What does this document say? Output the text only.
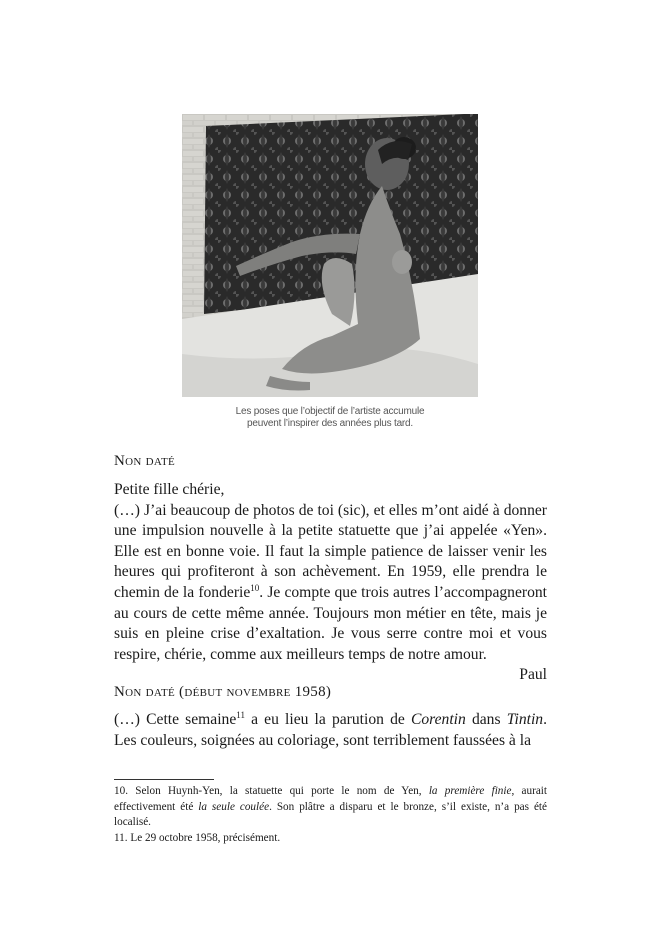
Les poses que l’objectif de l’artiste accumule
peuvent l’inspirer des années plus tard.
Non daté

Petite fille chérie,

(…) J’ai beaucoup de photos de toi (sic), et elles m’ont aidé à donner une impulsion nouvelle à la petite statuette que j’ai appelée «Yen». Elle est en bonne voie. Il faut la simple patience de laisser venir les heures qui profiteront à son achèvement. En 1959, elle prendra le chemin de la fonderie$^{10}$. Je compte que trois autres l’accompagneront au cours de cette même année. Toujours mon métier en tête, mais je suis en pleine crise d’exaltation. Je vous serre contre moi et vous respire, chérie, comme aux meilleurs temps de notre amour.

Paul

Non daté (début novembre 1958)

(…) Cette semaine$^{11}$ a eu lieu la parution de Corentin dans Tintin. Les couleurs, soignées au coloriage, sont terriblement faussées à la

10. Selon Huynh-Yen, la statuette qui porte le nom de Yen, la première finie, aurait effectivement été la seule coulée. Son plâtre a disparu et le bronze, s’il existe, n’a pas été localisé.

11. Le 29 octobre 1958, précisément.
